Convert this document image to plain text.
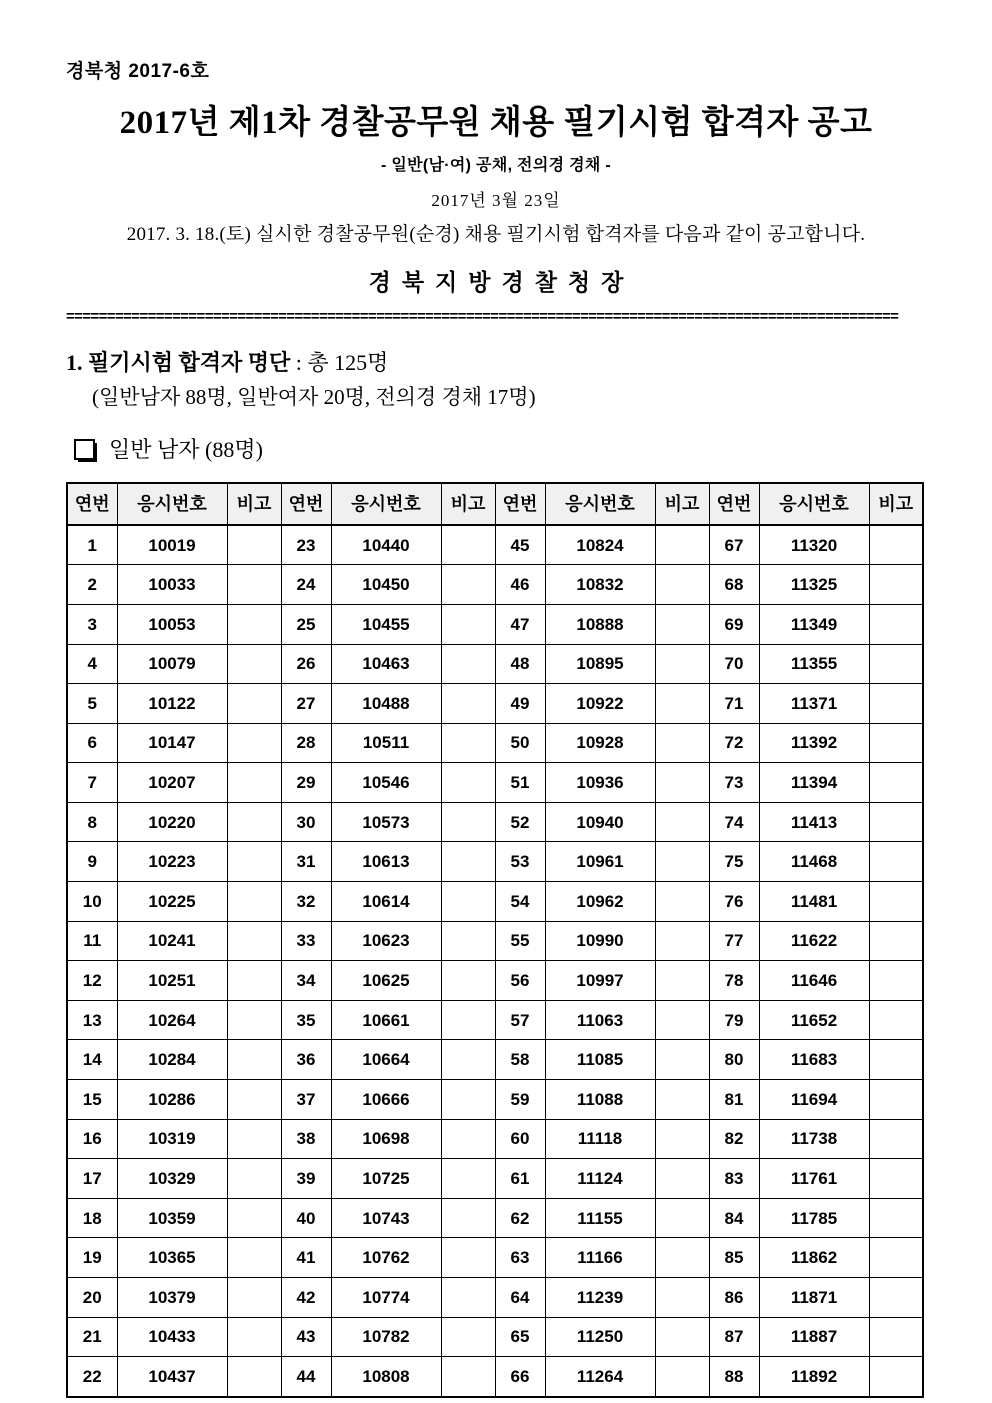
경북청 2017-6호
2017년 제1차 경찰공무원 채용 필기시험 합격자 공고
- 일반(남·여) 공채, 전의경 경채 -
2017년 3월 23일
2017. 3. 18.(토) 실시한 경찰공무원(순경) 채용 필기시험 합격자를 다음과 같이 공고합니다.
경북지방경찰청장
======================================================================================================
1. 필기시험 합격자 명단 : 총 125명
(일반남자 88명, 일반여자 20명, 전의경 경채 17명)
일반 남자 (88명)
연번	응시번호	비고	연번	응시번호	비고	연번	응시번호	비고	연번	응시번호	비고
1	10019		23	10440		45	10824		67	11320	
2	10033		24	10450		46	10832		68	11325	
3	10053		25	10455		47	10888		69	11349	
4	10079		26	10463		48	10895		70	11355	
5	10122		27	10488		49	10922		71	11371	
6	10147		28	10511		50	10928		72	11392	
7	10207		29	10546		51	10936		73	11394	
8	10220		30	10573		52	10940		74	11413	
9	10223		31	10613		53	10961		75	11468	
10	10225		32	10614		54	10962		76	11481	
11	10241		33	10623		55	10990		77	11622	
12	10251		34	10625		56	10997		78	11646	
13	10264		35	10661		57	11063		79	11652	
14	10284		36	10664		58	11085		80	11683	
15	10286		37	10666		59	11088		81	11694	
16	10319		38	10698		60	11118		82	11738	
17	10329		39	10725		61	11124		83	11761	
18	10359		40	10743		62	11155		84	11785	
19	10365		41	10762		63	11166		85	11862	
20	10379		42	10774		64	11239		86	11871	
21	10433		43	10782		65	11250		87	11887	
22	10437		44	10808		66	11264		88	11892	
